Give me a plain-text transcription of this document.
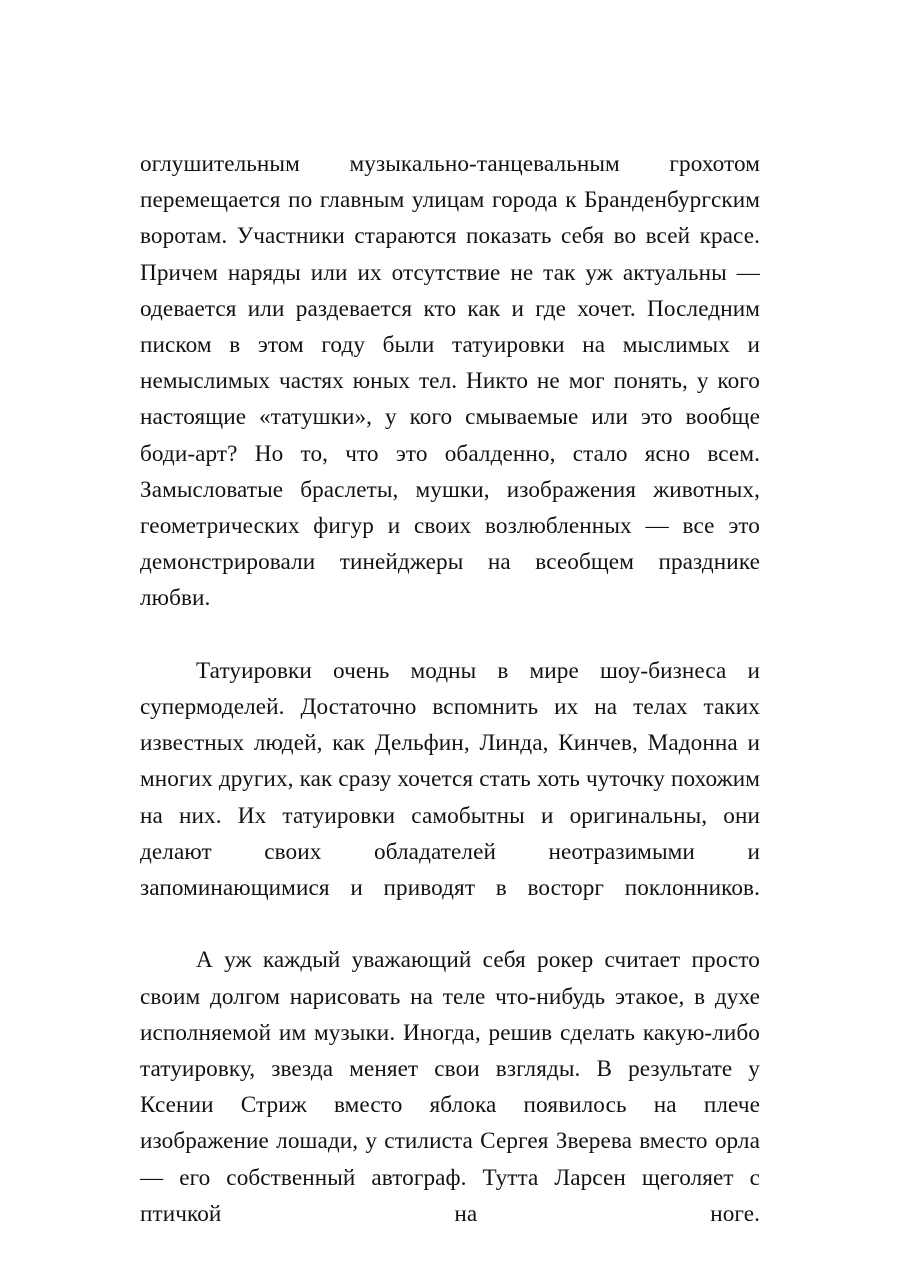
оглушительным музыкально-танцевальным грохотом перемещается по главным улицам города к Бранденбургским воротам. Участники стараются показать себя во всей красе. Причем наряды или их отсутствие не так уж актуальны — одевается или раздевается кто как и где хочет. Последним писком в этом году были татуировки на мыслимых и немыслимых частях юных тел. Никто не мог понять, у кого настоящие «татушки», у кого смываемые или это вообще боди-арт? Но то, что это обалденно, стало ясно всем. Замысловатые браслеты, мушки, изображения животных, геометрических фигур и своих возлюбленных — все это демонстрировали тинейджеры на всеобщем празднике любви.

Татуировки очень модны в мире шоу-бизнеса и супермоделей. Достаточно вспомнить их на телах таких известных людей, как Дельфин, Линда, Кинчев, Мадонна и многих других, как сразу хочется стать хоть чуточку похожим на них. Их татуировки самобытны и оригинальны, они делают своих обладателей неотразимыми и запоминающимися и приводят в восторг поклонников.

А уж каждый уважающий себя рокер считает просто своим долгом нарисовать на теле что-нибудь этакое, в духе исполняемой им музыки. Иногда, решив сделать какую-либо татуировку, звезда меняет свои взгляды. В результате у Ксении Стриж вместо яблока появилось на плече изображение лошади, у стилиста Сергея Зверева вместо орла — его собственный автограф. Тутта Ларсен щеголяет с птичкой на ноге.
